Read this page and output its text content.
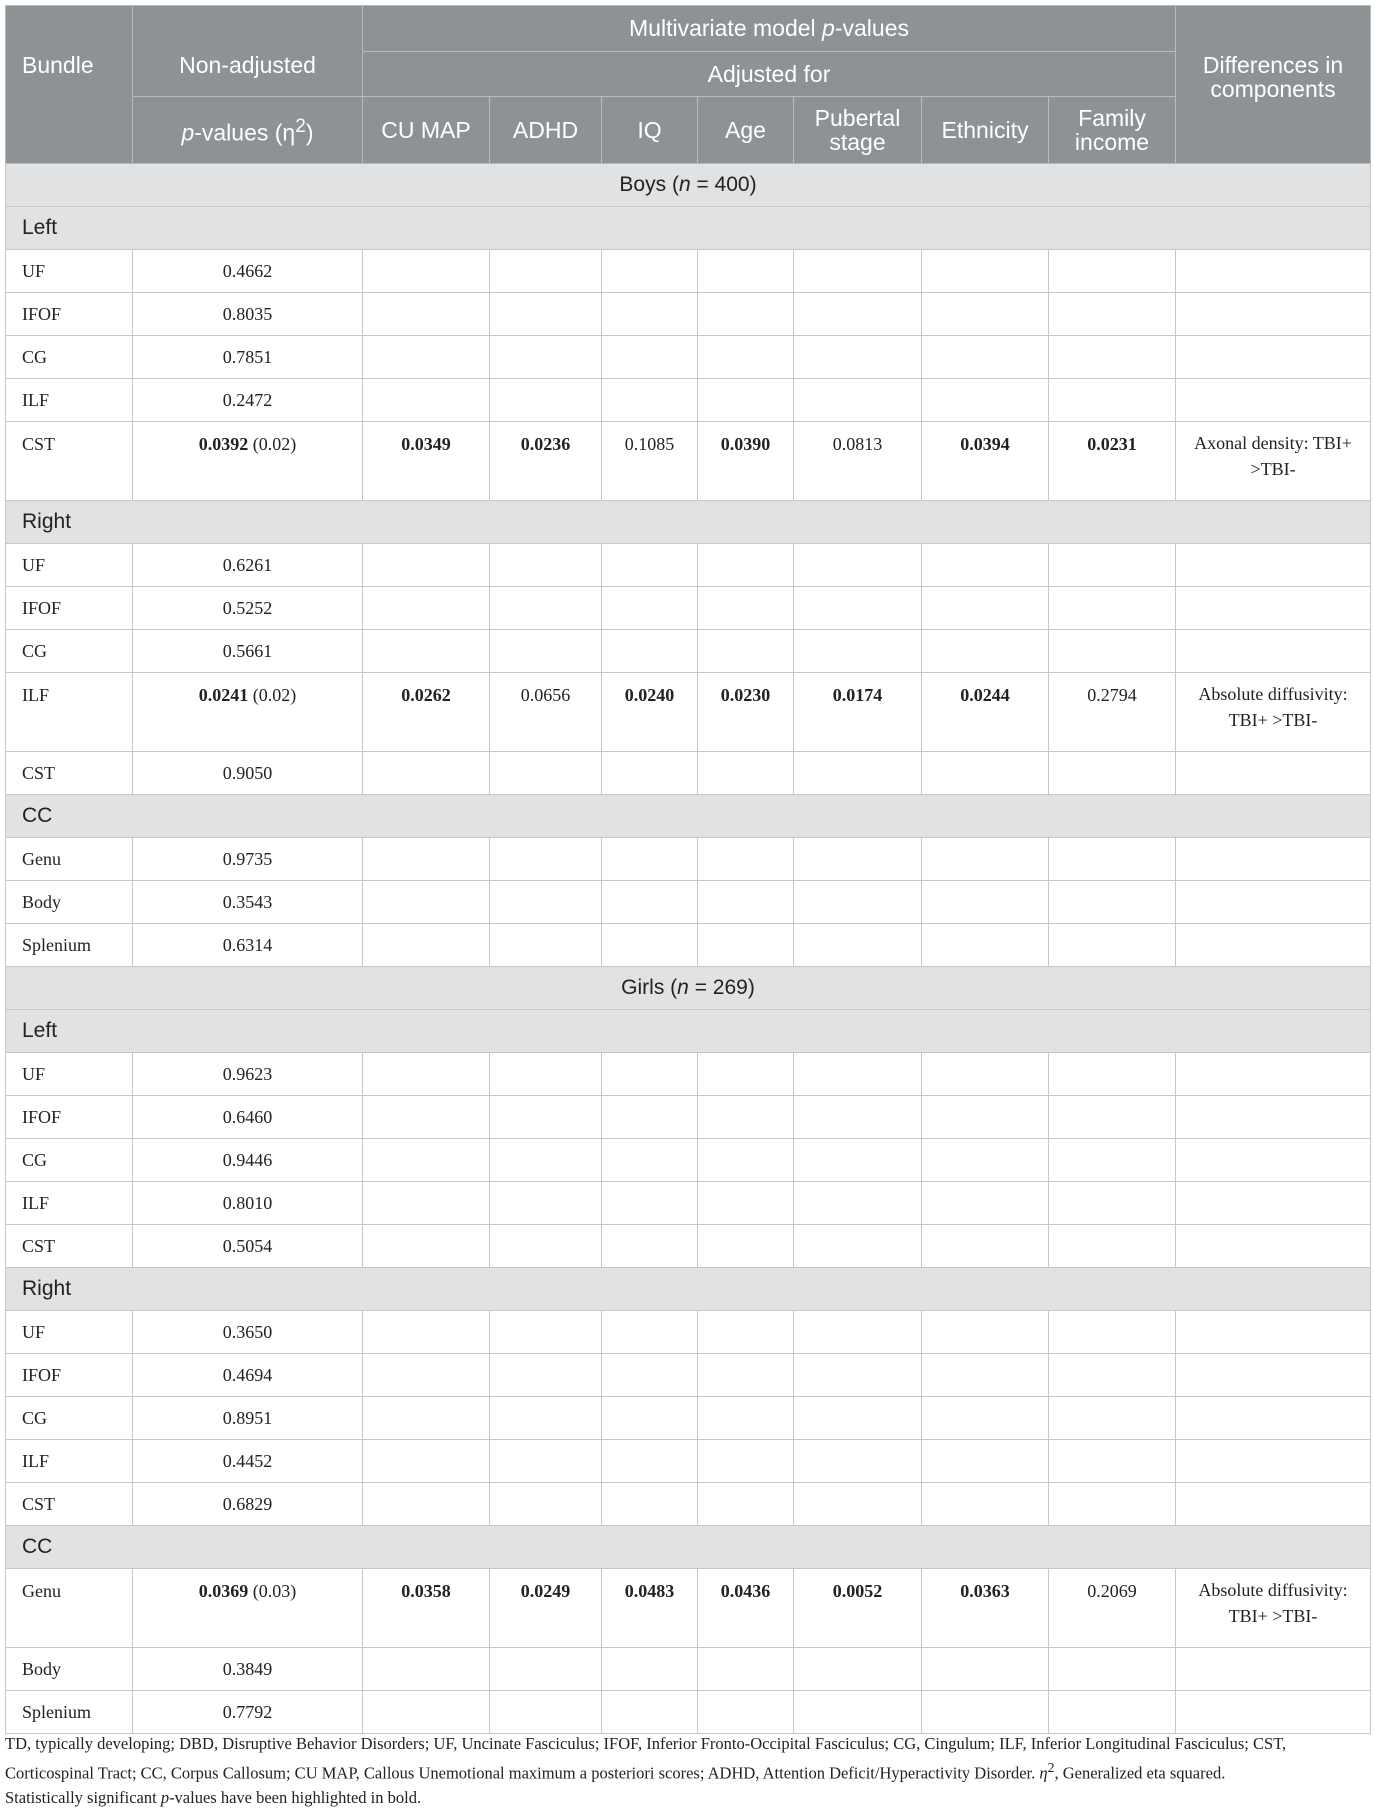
Bundle	Non-adjusted	Multivariate model p-values							Differences in components
		Adjusted for							
	p-values $(\eta^2)$	CU MAP	ADHD	IQ	Age	Pubertal stage	Ethnicity	Family income	
Boys (n = 400)									
Left									
UF	0.4662								
IFOF	0.8035								
CG	0.7851								
ILF	0.2472								
CST	0.0392 (0.02)	0.0349	0.0236	0.1085	0.0390	0.0813	0.0394	0.0231	Axonal density: TBI+ >TBI-
Right									
UF	0.6261								
IFOF	0.5252								
CG	0.5661								
ILF	0.0241 (0.02)	0.0262	0.0656	0.0240	0.0230	0.0174	0.0244	0.2794	Absolute diffusivity: TBI+ >TBI-
CST	0.9050								
CC									
Genu	0.9735								
Body	0.3543								
Splenium	0.6314								
Girls (n = 269)									
Left									
UF	0.9623								
IFOF	0.6460								
CG	0.9446								
ILF	0.8010								
CST	0.5054								
Right									
UF	0.3650								
IFOF	0.4694								
CG	0.8951								
ILF	0.4452								
CST	0.6829								
CC									
Genu	0.0369 (0.03)	0.0358	0.0249	0.0483	0.0436	0.0052	0.0363	0.2069	Absolute diffusivity: TBI+ >TBI-
Body	0.3849								
Splenium	0.7792								
TD, typically developing; DBD, Disruptive Behavior Disorders; UF, Uncinate Fasciculus; IFOF, Inferior Fronto-Occipital Fasciculus; CG, Cingulum; ILF, Inferior Longitudinal Fasciculus; CST, Corticospinal Tract; CC, Corpus Callosum; CU MAP, Callous Unemotional maximum a posteriori scores; ADHD, Attention Deficit/Hyperactivity Disorder. $\eta^2$, Generalized eta squared.
Statistically significant p-values have been highlighted in bold.
